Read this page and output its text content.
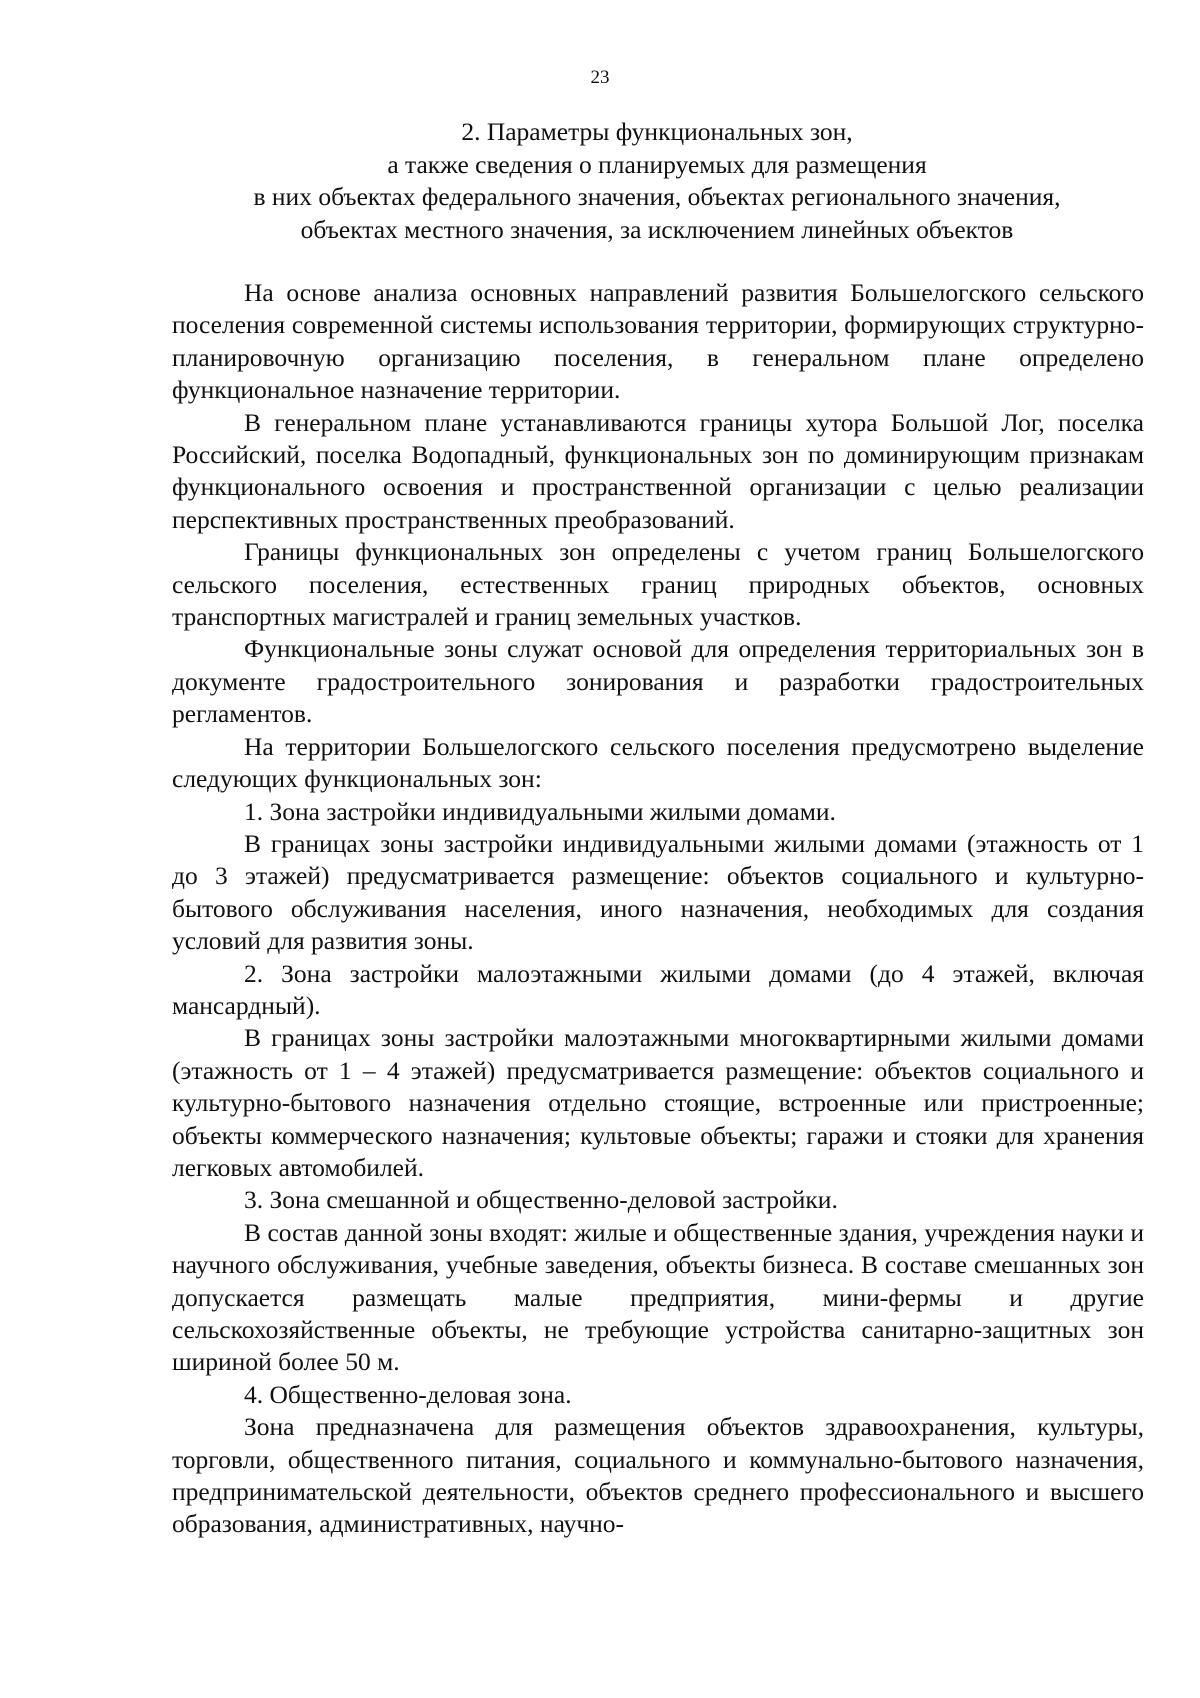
23
2. Параметры функциональных зон,
а также сведения о планируемых для размещения
в них объектах федерального значения, объектах регионального значения,
объектах местного значения, за исключением линейных объектов

На основе анализа основных направлений развития Большелогского сельского поселения современной системы использования территории, формирующих структурно-планировочную организацию поселения, в генеральном плане определено функциональное назначение территории.

В генеральном плане устанавливаются границы хутора Большой Лог, поселка Российский, поселка Водопадный, функциональных зон по доминирующим признакам функционального освоения и пространственной организации с целью реализации перспективных пространственных преобразований.

Границы функциональных зон определены с учетом границ Большелогского сельского поселения, естественных границ природных объектов, основных транспортных магистралей и границ земельных участков.

Функциональные зоны служат основой для определения территориальных зон в документе градостроительного зонирования и разработки градостроительных регламентов.

На территории Большелогского сельского поселения предусмотрено выделение следующих функциональных зон:

1. Зона застройки индивидуальными жилыми домами.

В границах зоны застройки индивидуальными жилыми домами (этажность от 1 до 3 этажей) предусматривается размещение: объектов социального и культурно-бытового обслуживания населения, иного назначения, необходимых для создания условий для развития зоны.

2. Зона застройки малоэтажными жилыми домами (до 4 этажей, включая мансардный).

В границах зоны застройки малоэтажными многоквартирными жилыми домами (этажность от 1 – 4 этажей) предусматривается размещение: объектов социального и культурно-бытового назначения отдельно стоящие, встроенные или пристроенные; объекты коммерческого назначения; культовые объекты; гаражи и стояки для хранения легковых автомобилей.

3. Зона смешанной и общественно-деловой застройки.

В состав данной зоны входят: жилые и общественные здания, учреждения науки и научного обслуживания, учебные заведения, объекты бизнеса. В составе смешанных зон допускается размещать малые предприятия, мини-фермы и другие сельскохозяйственные объекты, не требующие устройства санитарно-защитных зон шириной более 50 м.

4. Общественно-деловая зона.

Зона предназначена для размещения объектов здравоохранения, культуры, торговли, общественного питания, социального и коммунально-бытового назначения, предпринимательской деятельности, объектов среднего профессионального и высшего образования, административных, научно-
